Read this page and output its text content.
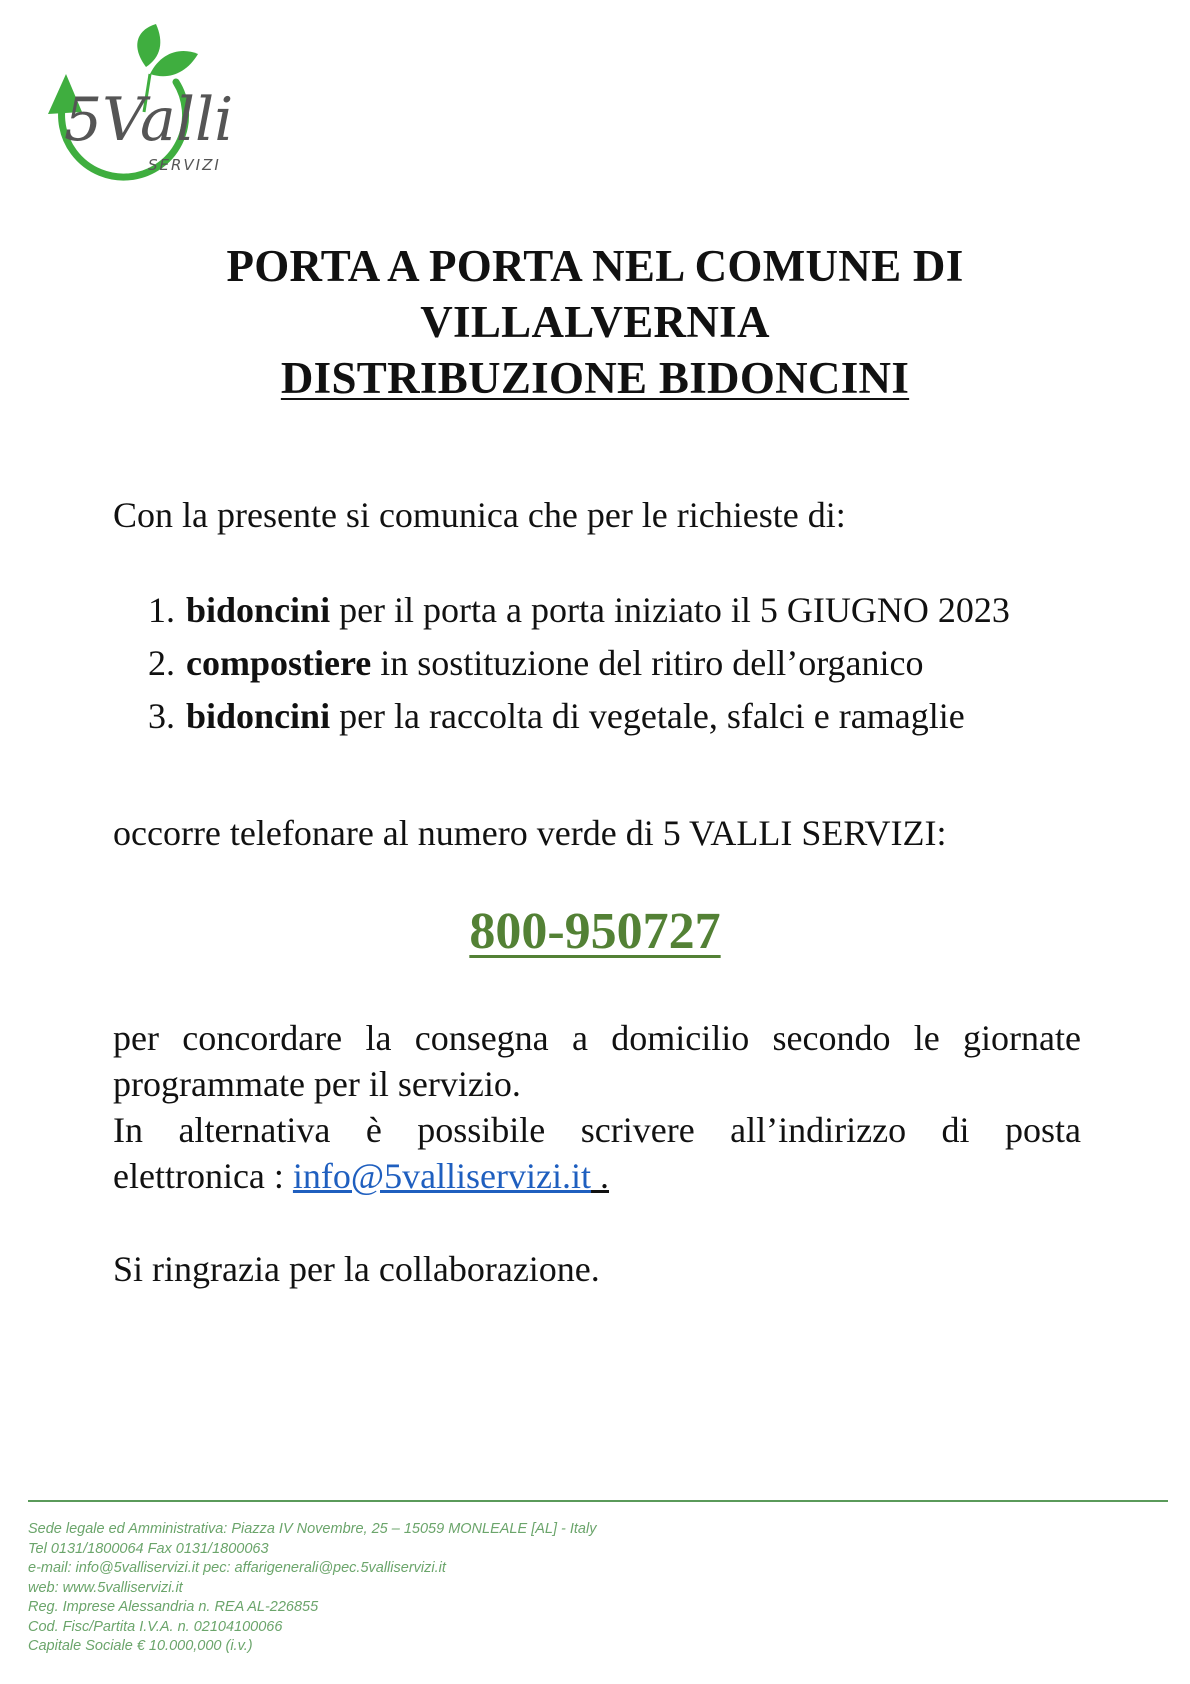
5Valli
SERVIZI
PORTA A PORTA NEL COMUNE DI
VILLALVERNIA
DISTRIBUZIONE BIDONCINI
Con la presente si comunica che per le richieste di:
1. bidoncini per il porta a porta iniziato il 5 GIUGNO 2023
2. compostiere in sostituzione del ritiro dell’organico
3. bidoncini per la raccolta di vegetale, sfalci e ramaglie
occorre telefonare al numero verde di 5 VALLI SERVIZI:
800-950727
per concordare la consegna a domicilio secondo le giornate
programmate per il servizio.
In alternativa è possibile scrivere all’indirizzo di posta
elettronica : info@5valliservizi.it .
Si ringrazia per la collaborazione.
Sede legale ed Amministrativa: Piazza IV Novembre, 25 – 15059 MONLEALE [AL] - Italy
Tel 0131/1800064 Fax 0131/1800063
e-mail: info@5valliservizi.it pec: affarigenerali@pec.5valliservizi.it
web: www.5valliservizi.it
Reg. Imprese Alessandria n. REA AL-226855
Cod. Fisc/Partita I.V.A. n. 02104100066
Capitale Sociale € 10.000,000 (i.v.)
